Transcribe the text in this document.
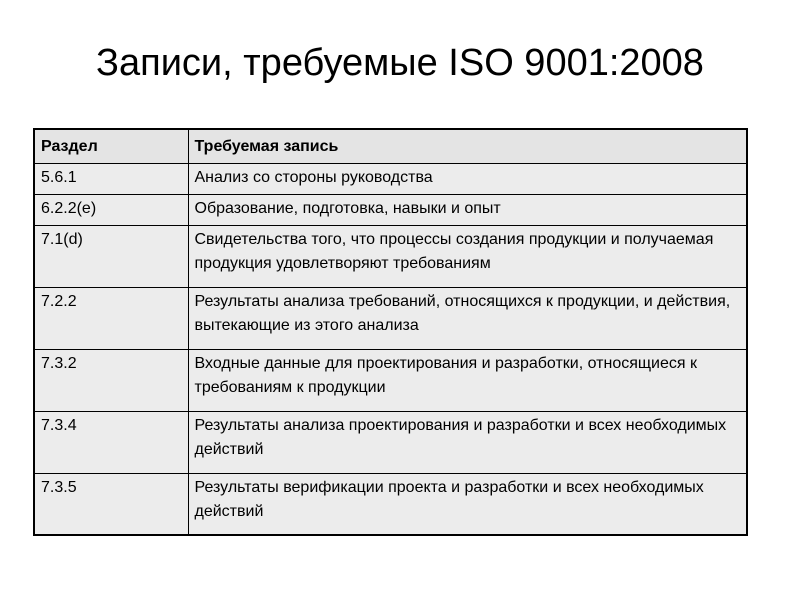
Записи, требуемые ISO 9001:2008
Раздел	Требуемая запись
5.6.1	Анализ со стороны руководства
6.2.2(e)	Образование, подготовка, навыки и опыт
7.1(d)	Свидетельства того, что процессы создания продукции и получаемая продукция удовлетворяют требованиям
7.2.2	Результаты анализа требований, относящихся к продукции, и действия, вытекающие из этого анализа
7.3.2	Входные данные для проектирования и разработки, относящиеся к требованиям к продукции
7.3.4	Результаты анализа проектирования и разработки и всех необходимых действий
7.3.5	Результаты верификации проекта и разработки и всех необходимых действий
